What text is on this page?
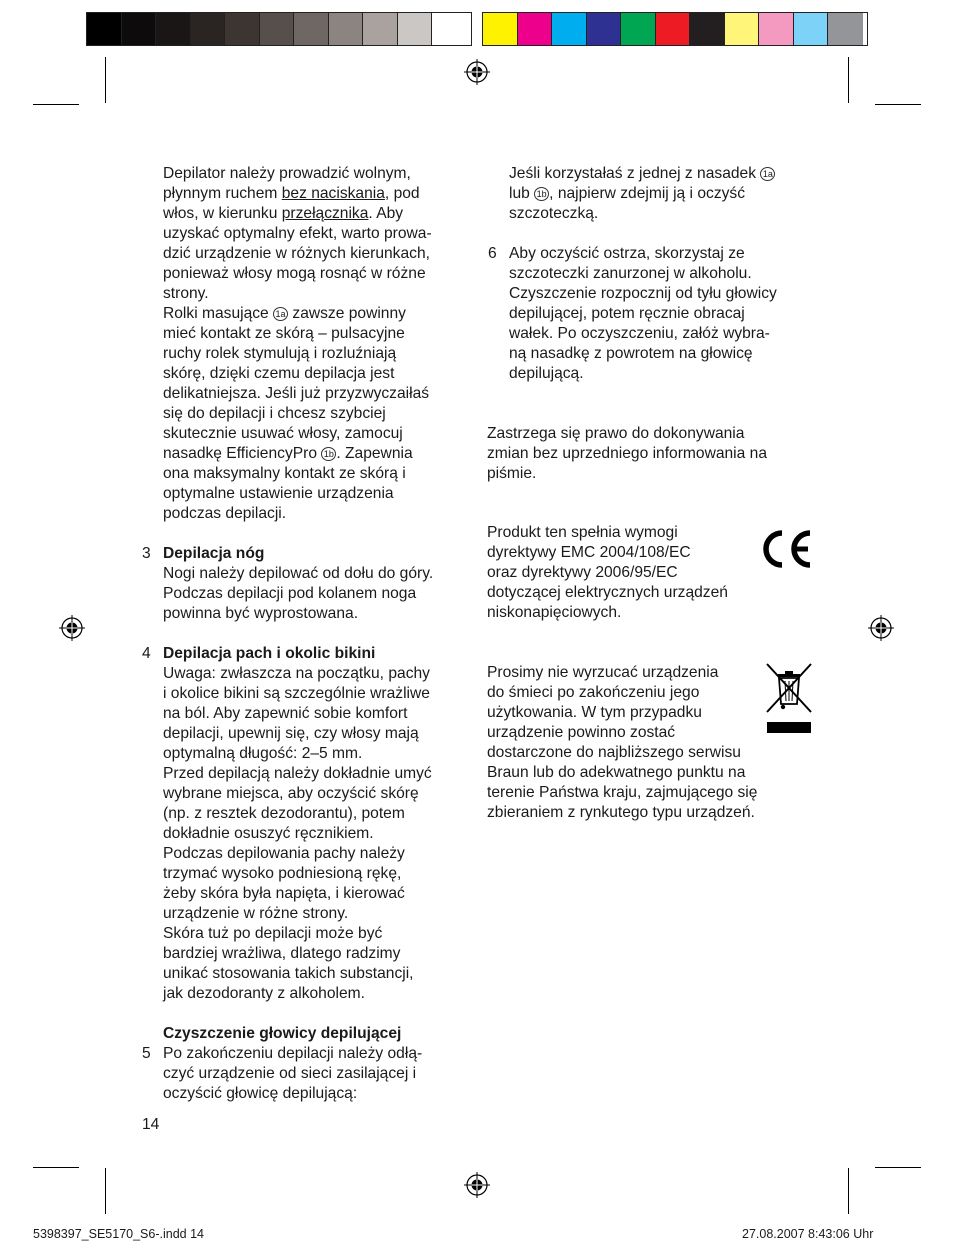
Depilator należy prowadzić wolnym,

płynnym ruchem bez naciskania, pod

włos, w kierunku przełącznika. Aby

uzyskać optymalny efekt, warto prowa-

dzić urządzenie w różnych kierunkach,

ponieważ włosy mogą rosnąć w różne

strony.

Rolki masujące 1a zawsze powinny

mieć kontakt ze skórą – pulsacyjne

ruchy rolek stymulują i rozluźniają

skórę, dzięki czemu depilacja jest

delikatniejsza. Jeśli już przyzwyczaiłaś

się do depilacji i chcesz szybciej

skutecznie usuwać włosy, zamocuj

nasadkę EfficiencyPro 1b . Zapewnia

ona maksymalny kontakt ze skórą i

optymalne ustawienie urządzenia

podczas depilacji.

3 Depilacja nóg

Nogi należy depilować od dołu do góry.

Podczas depilacji pod kolanem noga

powinna być wyprostowana.

4 Depilacja pach i okolic bikini

Uwaga: zwłaszcza na początku, pachy

i okolice bikini są szczególnie wrażliwe

na ból. Aby zapewnić sobie komfort

depilacji, upewnij się, czy włosy mają

optymalną długość: 2–5 mm.

Przed depilacją należy dokładnie umyć

wybrane miejsca, aby oczyścić skórę

(np. z resztek dezodorantu), potem

dokładnie osuszyć ręcznikiem.

Podczas depilowania pachy należy

trzymać wysoko podniesioną rękę,

żeby skóra była napięta, i kierować

urządzenie w różne strony.

Skóra tuż po depilacji może być

bardziej wrażliwa, dlatego radzimy

unikać stosowania takich substancji,

jak dezodoranty z alkoholem.

Czyszczenie głowicy depilującej

5 Po zakończeniu depilacji należy odłą-

czyć urządzenie od sieci zasilającej i

oczyścić głowicę depilującą:

14

Jeśli korzystałaś z jednej z nasadek 1a

lub 1b , najpierw zdejmij ją i oczyść

szczoteczką.

6 Aby oczyścić ostrza, skorzystaj ze

szczoteczki zanurzonej w alkoholu.

Czyszczenie rozpocznij od tyłu głowicy

depilującej, potem ręcznie obracaj

wałek. Po oczyszczeniu, załóż wybra-

ną nasadkę z powrotem na głowicę

depilującą.

Zastrzega się prawo do dokonywania

zmian bez uprzedniego informowania na

piśmie.

Produkt ten spełnia wymogi

dyrektywy EMC 2004/108/EC

oraz dyrektywy 2006/95/EC

dotyczącej elektrycznych urządzeń

niskonapięciowych.

Prosimy nie wyrzucać urządzenia

do śmieci po zakończeniu jego

użytkowania. W tym przypadku

urządzenie powinno zostać

dostarczone do najbliższego serwisu

Braun lub do adekwatnego punktu na

terenie Państwa kraju, zajmującego się

zbieraniem z rynkutego typu urządzeń.

5398397_SE5170_S6-.indd 14	27.08.2007 8:43:06 Uhr
